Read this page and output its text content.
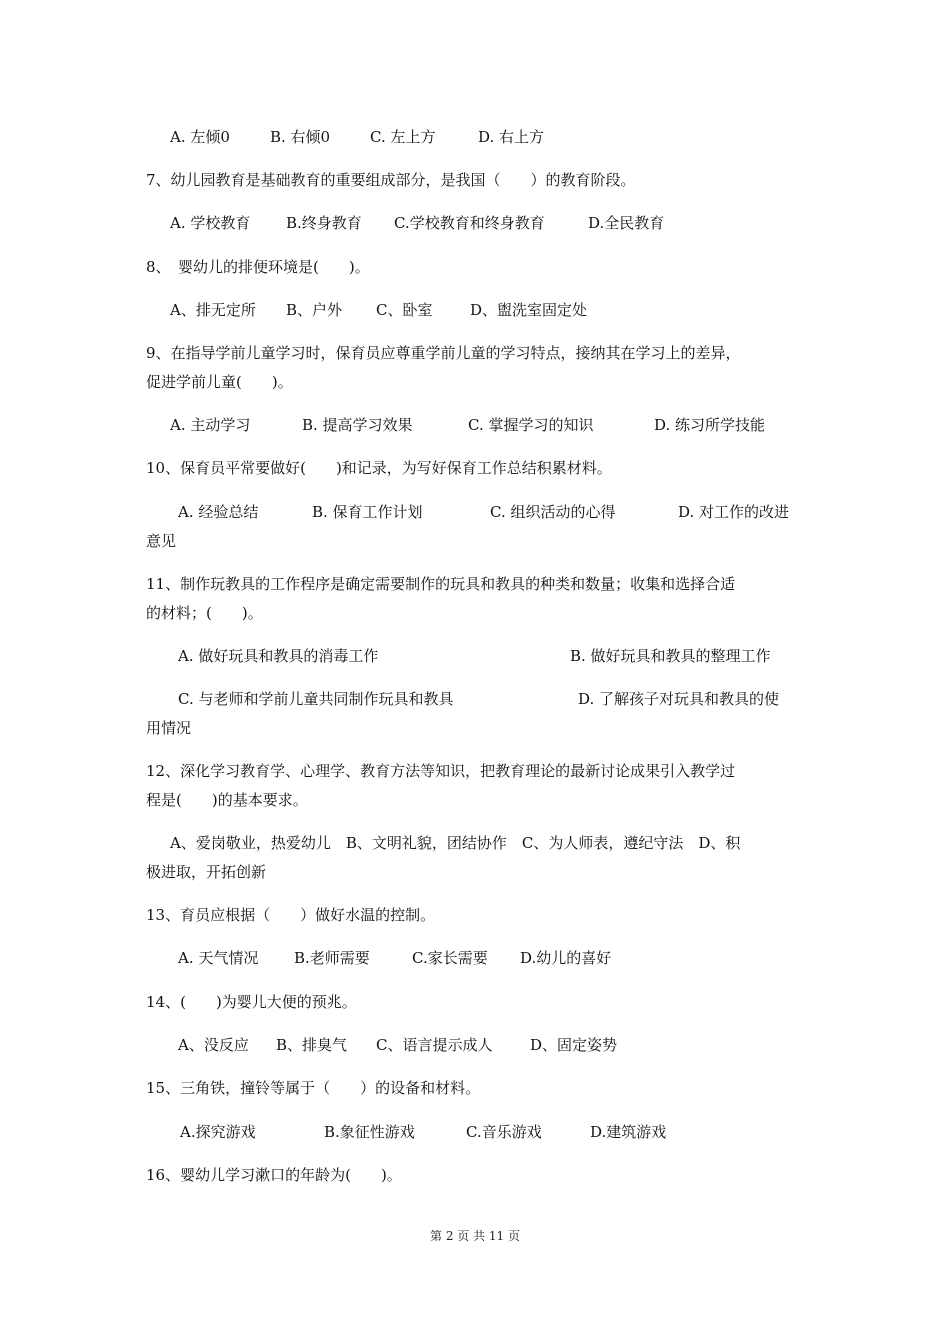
A. 左倾0	B. 右倾0	C. 左上方	D. 右上方
7、幼儿园教育是基础教育的重要组成部分，是我国（　　）的教育阶段。
A. 学校教育 B.终身教育 C.学校教育和终身教育	D.全民教育
8、　婴幼儿的排便环境是(　　)。
A、排无定所 B、户外 C、卧室	D、盥洗室固定处
9、在指导学前儿童学习时，保育员应尊重学前儿童的学习特点，接纳其在学习上的差异，
促进学前儿童(　　)。
A. 主动学习	B. 提高学习效果	C. 掌握学习的知识	D. 练习所学技能
10、保育员平常要做好(　　)和记录，为写好保育工作总结积累材料。
A. 经验总结	B. 保育工作计划	C. 组织活动的心得	D. 对工作的改进
意见
11、制作玩教具的工作程序是确定需要制作的玩具和教具的种类和数量；收集和选择合适
的材料；(　　)。
A. 做好玩具和教具的消毒工作	B. 做好玩具和教具的整理工作
C. 与老师和学前儿童共同制作玩具和教具	D. 了解孩子对玩具和教具的使
用情况
12、深化学习教育学、心理学、教育方法等知识，把教育理论的最新讨论成果引入教学过
程是(　　)的基本要求。
A、爱岗敬业，热爱幼儿　B、文明礼貌，团结协作　C、为人师表，遵纪守法　D、积
极进取，开拓创新
13、育员应根据（　　）做好水温的控制。
A. 天气情况 B.老师需要	C.家长需要 D.幼儿的喜好
14、(　　)为婴儿大便的预兆。
A、没反应 B、排臭气 C、语言提示成人	D、固定姿势
15、三角铁，撞铃等属于（　　）的设备和材料。
A.探究游戏	B.象征性游戏	C.音乐游戏	D.建筑游戏
16、婴幼儿学习漱口的年龄为(　　)。
第 2 页 共 11 页
